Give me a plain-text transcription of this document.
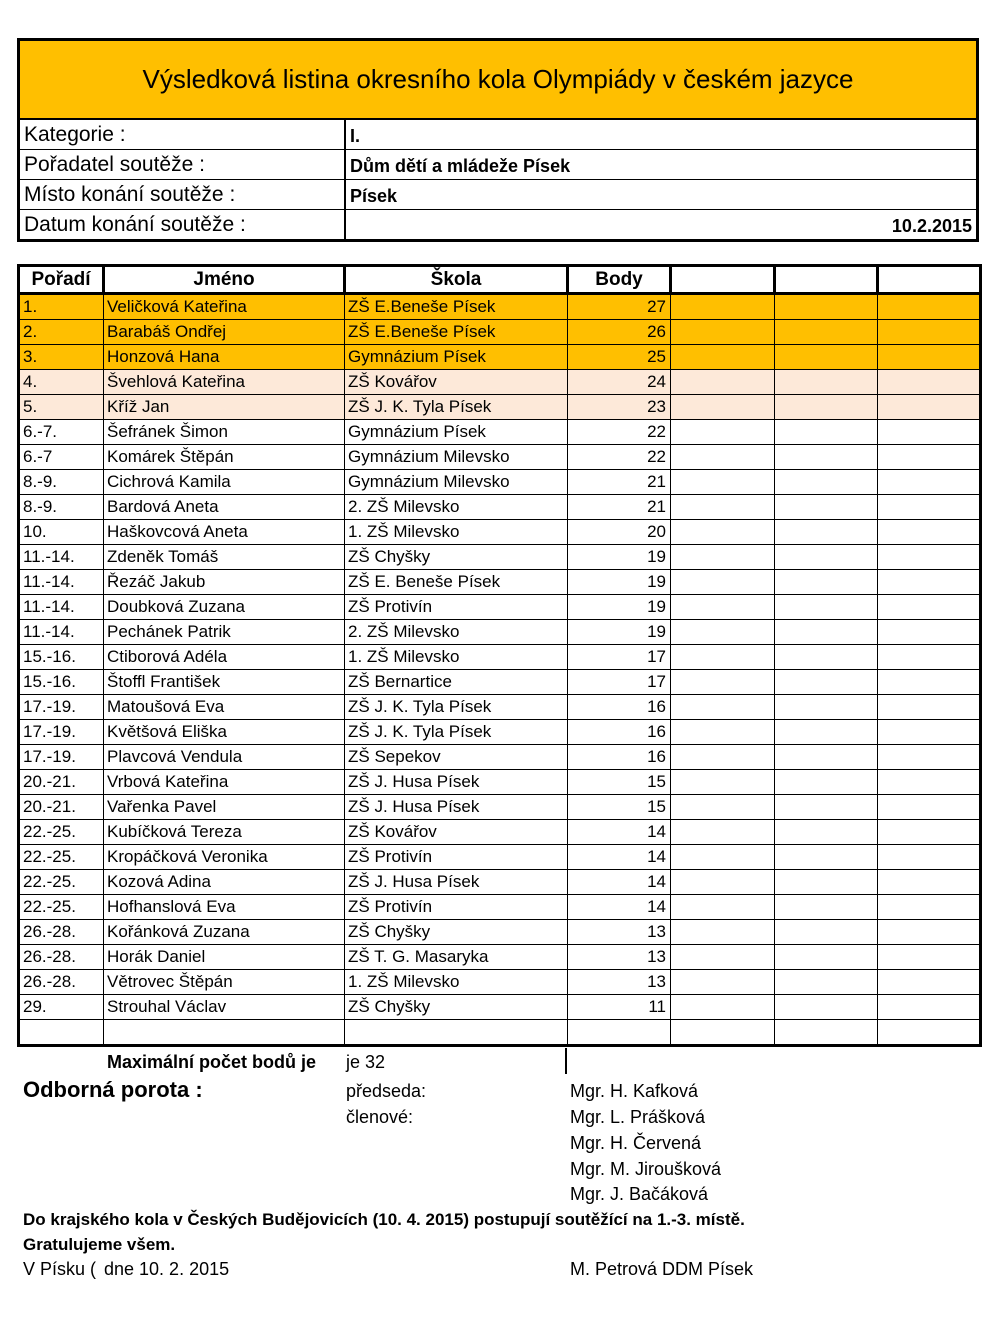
Výsledková listina okresního kola Olympiády v českém jazyce
Kategorie :	I.
Pořadatel soutěže :	Dům dětí a mládeže Písek
Místo konání soutěže :	Písek
Datum konání soutěže :	10.2.2015
Pořadí	Jméno	Škola	Body			
1.	Veličková Kateřina	ZŠ E.Beneše Písek	27			
2.	Barabáš Ondřej	ZŠ E.Beneše Písek	26			
3.	Honzová Hana	Gymnázium Písek	25			
4.	Švehlová Kateřina	ZŠ Kovářov	24			
5.	Kříž Jan	ZŠ J. K. Tyla Písek	23			
6.-7.	Šefránek Šimon	Gymnázium Písek	22			
6.-7	Komárek Štěpán	Gymnázium Milevsko	22			
8.-9.	Cichrová Kamila	Gymnázium Milevsko	21			
8.-9.	Bardová Aneta	2. ZŠ Milevsko	21			
10.	Haškovcová Aneta	1. ZŠ Milevsko	20			
11.-14.	Zdeněk Tomáš	ZŠ Chyšky	19			
11.-14.	Řezáč Jakub	ZŠ E. Beneše Písek	19			
11.-14.	Doubková Zuzana	ZŠ Protivín	19			
11.-14.	Pechánek Patrik	2. ZŠ Milevsko	19			
15.-16.	Ctiborová Adéla	1. ZŠ Milevsko	17			
15.-16.	Štoffl František	ZŠ Bernartice	17			
17.-19.	Matoušová Eva	ZŠ J. K. Tyla Písek	16			
17.-19.	Květšová Eliška	ZŠ J. K. Tyla Písek	16			
17.-19.	Plavcová Vendula	ZŠ Sepekov	16			
20.-21.	Vrbová Kateřina	ZŠ J. Husa Písek	15			
20.-21.	Vařenka Pavel	ZŠ J. Husa Písek	15			
22.-25.	Kubíčková Tereza	ZŠ Kovářov	14			
22.-25.	Kropáčková Veronika	ZŠ Protivín	14			
22.-25.	Kozová Adina	ZŠ J. Husa Písek	14			
22.-25.	Hofhanslová Eva	ZŠ Protivín	14			
26.-28.	Kořánková Zuzana	ZŠ Chyšky	13			
26.-28.	Horák Daniel	ZŠ T. G. Masaryka	13			
26.-28.	Větrovec Štěpán	1. ZŠ Milevsko	13			
29.	Strouhal Václav	ZŠ Chyšky	11			

Maximální počet bodů je je 32
Odborná porota :	předseda:	Mgr. H. Kafková
členové:	Mgr. L. Prášková
Mgr. H. Červená
Mgr. M. Jiroušková
Mgr. J. Bačáková
Do krajského kola v Českých Budějovicích (10. 4. 2015) postupují soutěžící na 1.-3. místě.
Gratulujeme všem.
V Písku ( dne 10. 2. 2015	M. Petrová DDM Písek
